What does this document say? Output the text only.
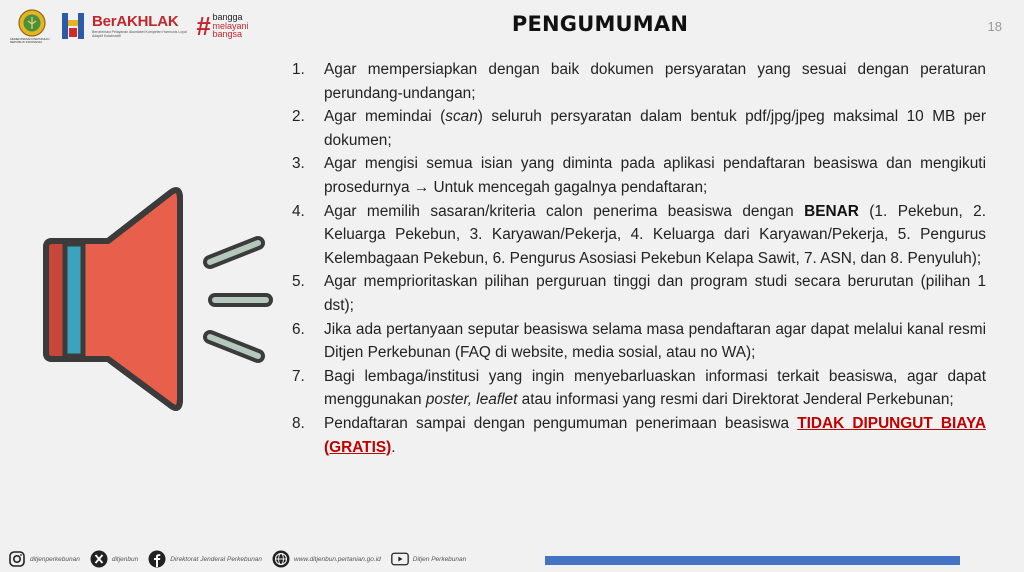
KEMENTERIAN PERTANIAN REPUBLIK INDONESIA
BerAKHLAK
Berorientasi Pelayanan Akuntabel Kompeten Harmonis Loyal Adaptif Kolaboratif	# bangga
melayani
bangsa	PENGUMUMAN	18
1.	Agar mempersiapkan dengan baik dokumen persyaratan yang sesuai dengan peraturan perundang-undangan;
2.	Agar memindai (scan) seluruh persyaratan dalam bentuk pdf/jpg/jpeg maksimal 10 MB per dokumen;
3.	Agar mengisi semua isian yang diminta pada aplikasi pendaftaran beasiswa dan mengikuti prosedurnya → Untuk mencegah gagalnya pendaftaran;
4.	Agar memilih sasaran/kriteria calon penerima beasiswa dengan BENAR (1. Pekebun, 2. Keluarga Pekebun, 3. Karyawan/Pekerja, 4. Keluarga dari Karyawan/Pekerja, 5. Pengurus Kelembagaan Pekebun, 6. Pengurus Asosiasi Pekebun Kelapa Sawit, 7. ASN, dan 8. Penyuluh);
5.	Agar memprioritaskan pilihan perguruan tinggi dan program studi secara berurutan (pilihan 1 dst);
6.	Jika ada pertanyaan seputar beasiswa selama masa pendaftaran agar dapat melalui kanal resmi Ditjen Perkebunan (FAQ di website, media sosial, atau no WA);
7.	Bagi lembaga/institusi yang ingin menyebarluaskan informasi terkait beasiswa, agar dapat menggunakan poster, leaflet atau informasi yang resmi dari Direktorat Jenderal Perkebunan;
8.	Pendaftaran sampai dengan pengumuman penerimaan beasiswa TIDAK DIPUNGUT BIAYA (GRATIS).
ditjenperkebunan	ditjenbun	Direktorat Jenderal Perkebunan	www.ditjenbun.pertanian.go.id	Ditjen Perkebunan
